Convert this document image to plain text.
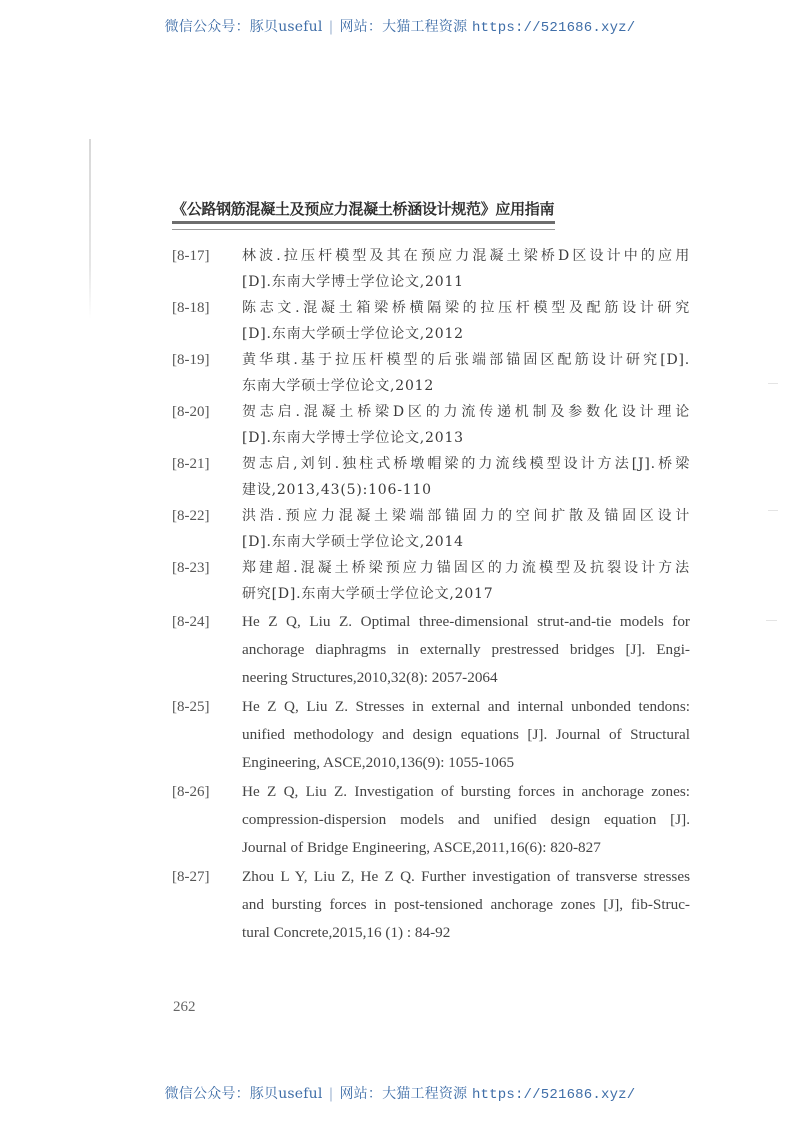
微信公众号：豚贝useful | 网站：大猫工程资源 https://521686.xyz/
《公路钢筋混凝土及预应力混凝土桥涵设计规范》应用指南
[8-17] 林波.拉压杆模型及其在预应力混凝土梁桥D区设计中的应用
[D].东南大学博士学位论文,2011
[8-18] 陈志文.混凝土箱梁桥横隔梁的拉压杆模型及配筋设计研究
[D].东南大学硕士学位论文,2012
[8-19] 黄华琪.基于拉压杆模型的后张端部锚固区配筋设计研究[D].
东南大学硕士学位论文,2012
[8-20] 贺志启.混凝土桥梁D区的力流传递机制及参数化设计理论
[D].东南大学博士学位论文,2013
[8-21] 贺志启,刘钊.独柱式桥墩帽梁的力流线模型设计方法[J].桥梁
建设,2013,43(5):106-110
[8-22] 洪浩.预应力混凝土梁端部锚固力的空间扩散及锚固区设计
[D].东南大学硕士学位论文,2014
[8-23] 郑建超.混凝土桥梁预应力锚固区的力流模型及抗裂设计方法
研究[D].东南大学硕士学位论文,2017
[8-24] He Z Q, Liu Z. Optimal three-dimensional strut-and-tie models for
anchorage diaphragms in externally prestressed bridges [J]. Engi-
neering Structures,2010,32(8): 2057-2064
[8-25] He Z Q, Liu Z. Stresses in external and internal unbonded tendons:
unified methodology and design equations [J]. Journal of Structural
Engineering, ASCE,2010,136(9): 1055-1065
[8-26] He Z Q, Liu Z. Investigation of bursting forces in anchorage zones:
compression-dispersion models and unified design equation [J].
Journal of Bridge Engineering, ASCE,2011,16(6): 820-827
[8-27] Zhou L Y, Liu Z, He Z Q. Further investigation of transverse stresses
and bursting forces in post-tensioned anchorage zones [J], fib-Struc-
tural Concrete,2015,16 (1) : 84-92
262
微信公众号：豚贝useful | 网站：大猫工程资源 https://521686.xyz/
